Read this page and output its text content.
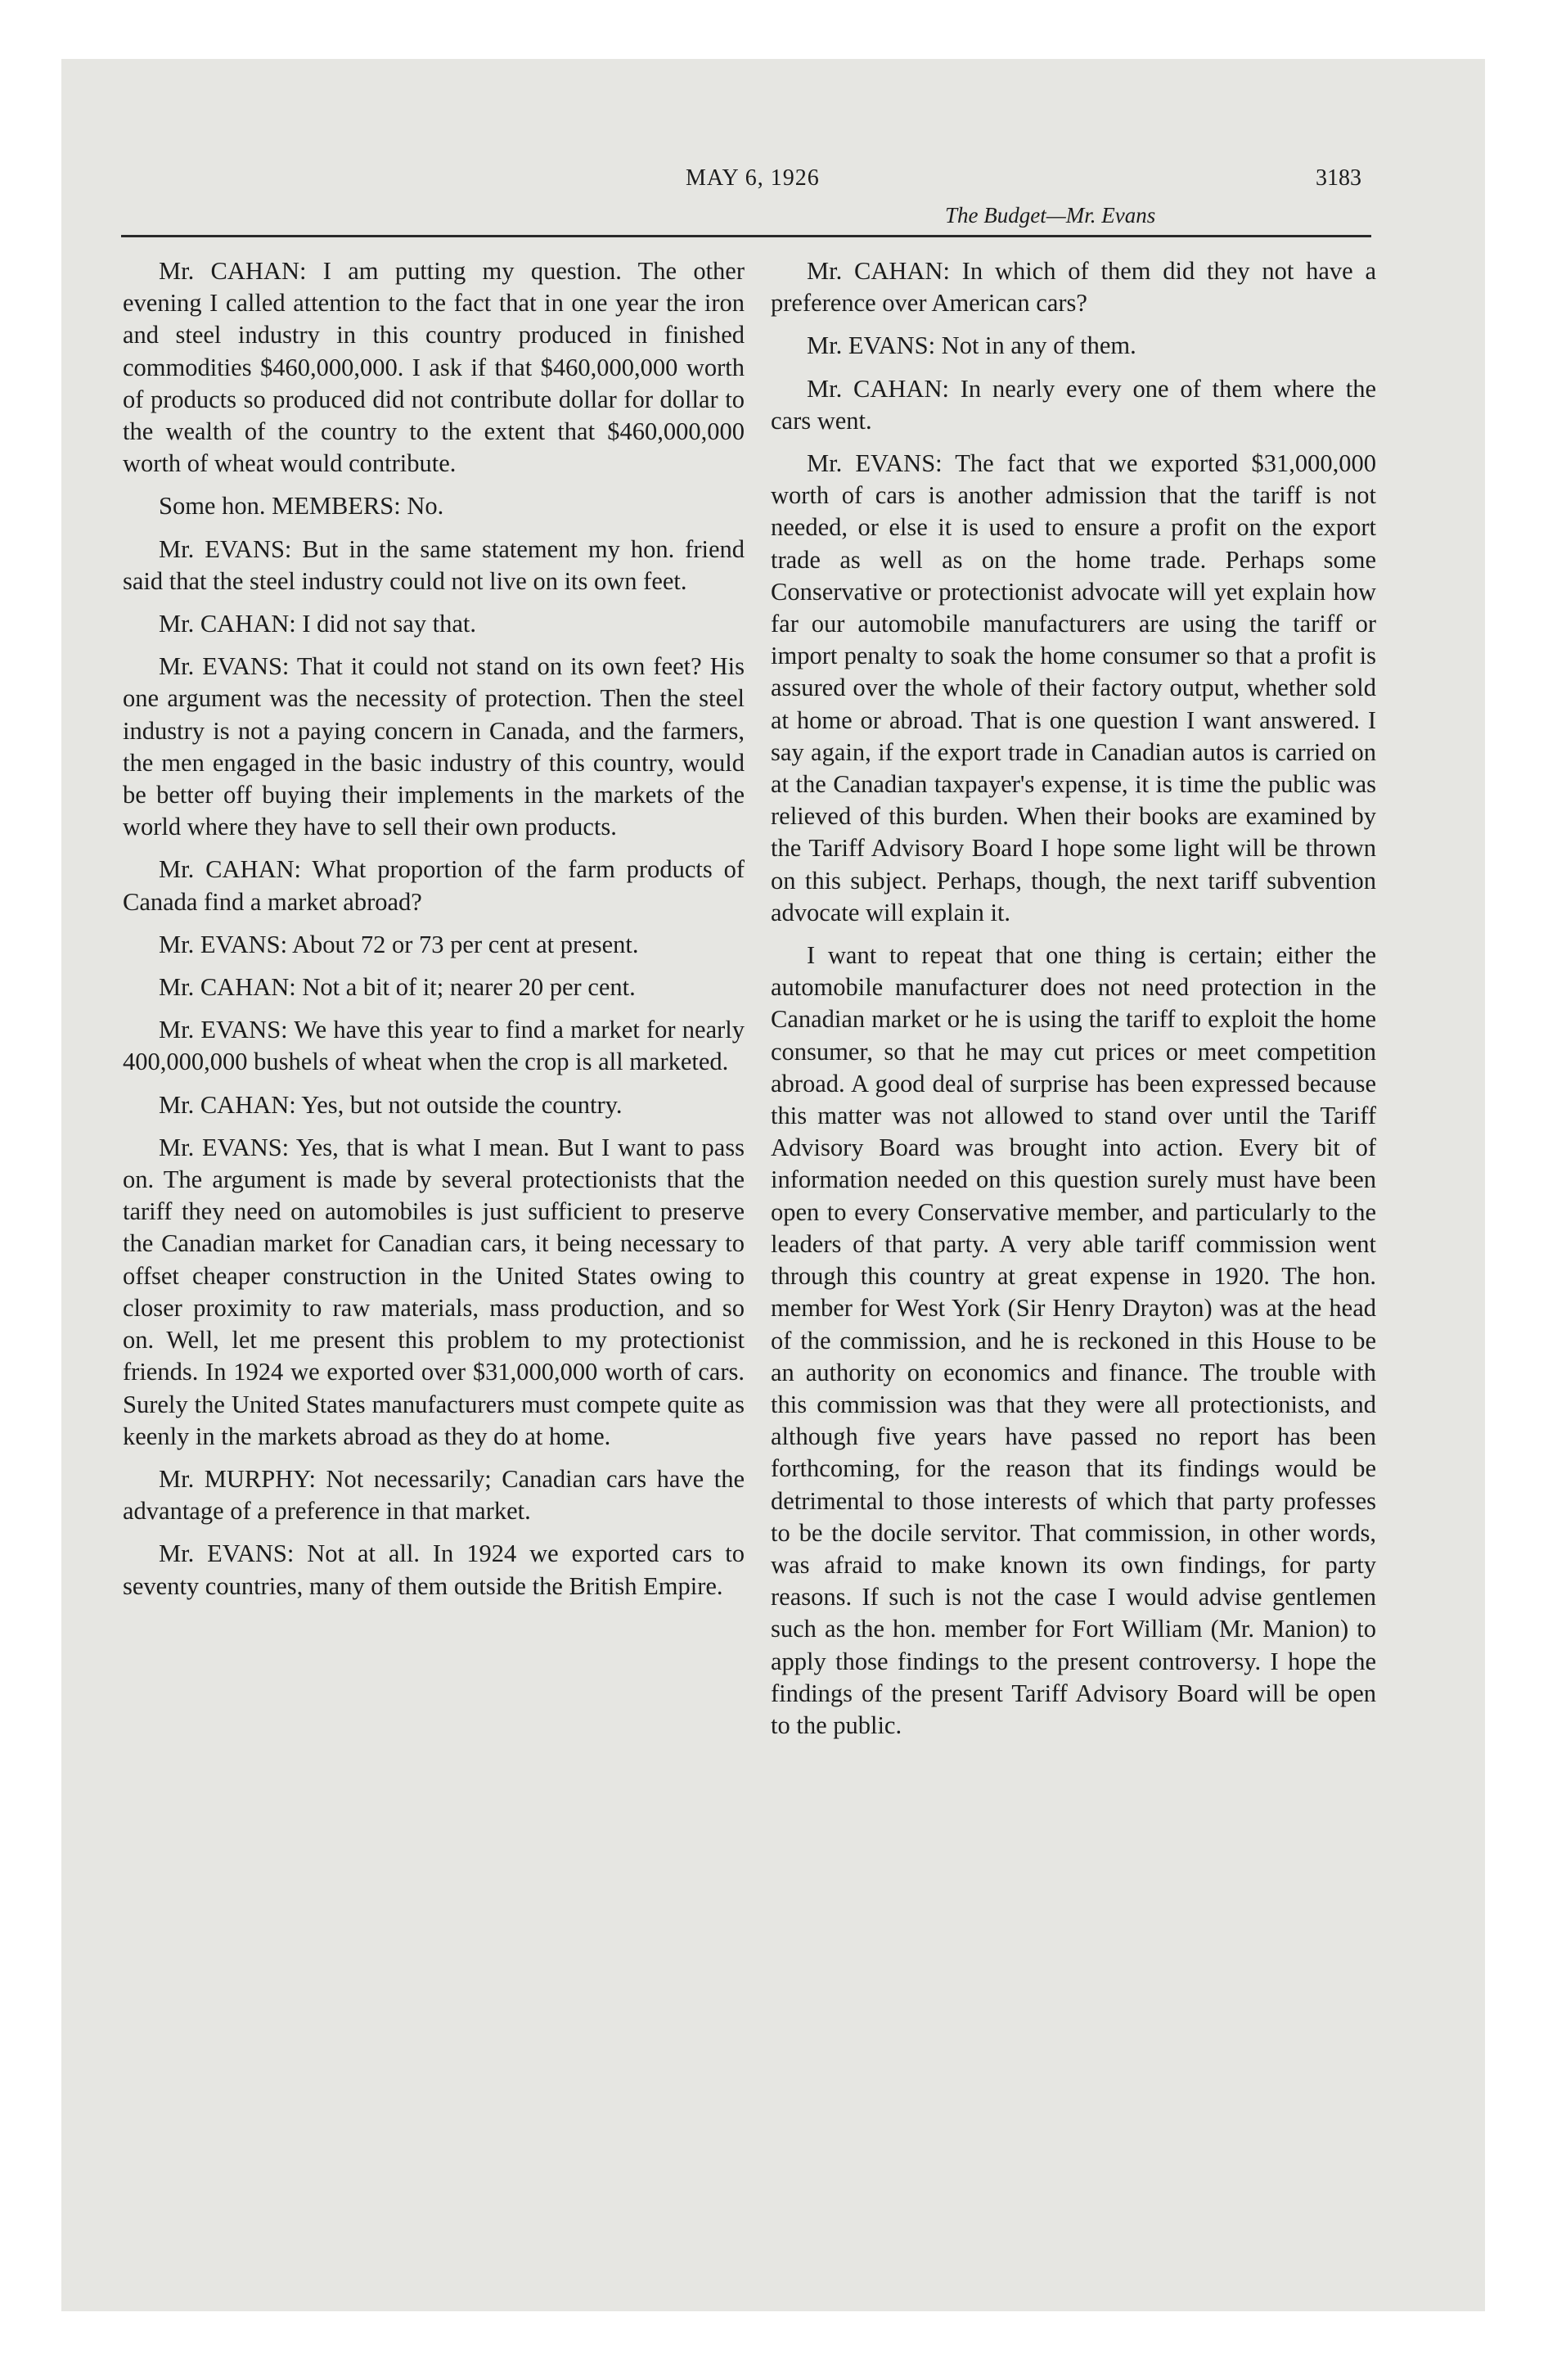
MAY 6, 1926
The Budget—Mr. Evans
3183

Mr. CAHAN: I am putting my question. The other evening I called attention to the fact that in one year the iron and steel industry in this country produced in finished commodities $460,000,000. I ask if that $460,000,000 worth of products so produced did not contribute dollar for dollar to the wealth of the country to the extent that $460,000,000 worth of wheat would contribute.

Some hon. MEMBERS: No.

Mr. EVANS: But in the same statement my hon. friend said that the steel industry could not live on its own feet.

Mr. CAHAN: I did not say that.

Mr. EVANS: That it could not stand on its own feet? His one argument was the necessity of protection. Then the steel industry is not a paying concern in Canada, and the farmers, the men engaged in the basic industry of this country, would be better off buying their implements in the markets of the world where they have to sell their own products.

Mr. CAHAN: What proportion of the farm products of Canada find a market abroad?

Mr. EVANS: About 72 or 73 per cent at present.

Mr. CAHAN: Not a bit of it; nearer 20 per cent.

Mr. EVANS: We have this year to find a market for nearly 400,000,000 bushels of wheat when the crop is all marketed.

Mr. CAHAN: Yes, but not outside the country.

Mr. EVANS: Yes, that is what I mean. But I want to pass on. The argument is made by several protectionists that the tariff they need on automobiles is just sufficient to preserve the Canadian market for Canadian cars, it being necessary to offset cheaper construction in the United States owing to closer proximity to raw materials, mass production, and so on. Well, let me present this problem to my protectionist friends. In 1924 we exported over $31,000,000 worth of cars. Surely the United States manufacturers must compete quite as keenly in the markets abroad as they do at home.

Mr. MURPHY: Not necessarily; Canadian cars have the advantage of a preference in that market.

Mr. EVANS: Not at all. In 1924 we exported cars to seventy countries, many of them outside the British Empire.

Mr. CAHAN: In which of them did they not have a preference over American cars?

Mr. EVANS: Not in any of them.

Mr. CAHAN: In nearly every one of them where the cars went.

Mr. EVANS: The fact that we exported $31,000,000 worth of cars is another admission that the tariff is not needed, or else it is used to ensure a profit on the export trade as well as on the home trade. Perhaps some Conservative or protectionist advocate will yet explain how far our automobile manufacturers are using the tariff or import penalty to soak the home consumer so that a profit is assured over the whole of their factory output, whether sold at home or abroad. That is one question I want answered. I say again, if the export trade in Canadian autos is carried on at the Canadian taxpayer's expense, it is time the public was relieved of this burden. When their books are examined by the Tariff Advisory Board I hope some light will be thrown on this subject. Perhaps, though, the next tariff subvention advocate will explain it.

I want to repeat that one thing is certain; either the automobile manufacturer does not need protection in the Canadian market or he is using the tariff to exploit the home consumer, so that he may cut prices or meet competition abroad. A good deal of surprise has been expressed because this matter was not allowed to stand over until the Tariff Advisory Board was brought into action. Every bit of information needed on this question surely must have been open to every Conservative member, and particularly to the leaders of that party. A very able tariff commission went through this country at great expense in 1920. The hon. member for West York (Sir Henry Drayton) was at the head of the commission, and he is reckoned in this House to be an authority on economics and finance. The trouble with this commission was that they were all protectionists, and although five years have passed no report has been forthcoming, for the reason that its findings would be detrimental to those interests of which that party professes to be the docile servitor. That commission, in other words, was afraid to make known its own findings, for party reasons. If such is not the case I would advise gentlemen such as the hon. member for Fort William (Mr. Manion) to apply those findings to the present controversy. I hope the findings of the present Tariff Advisory Board will be open to the public.
